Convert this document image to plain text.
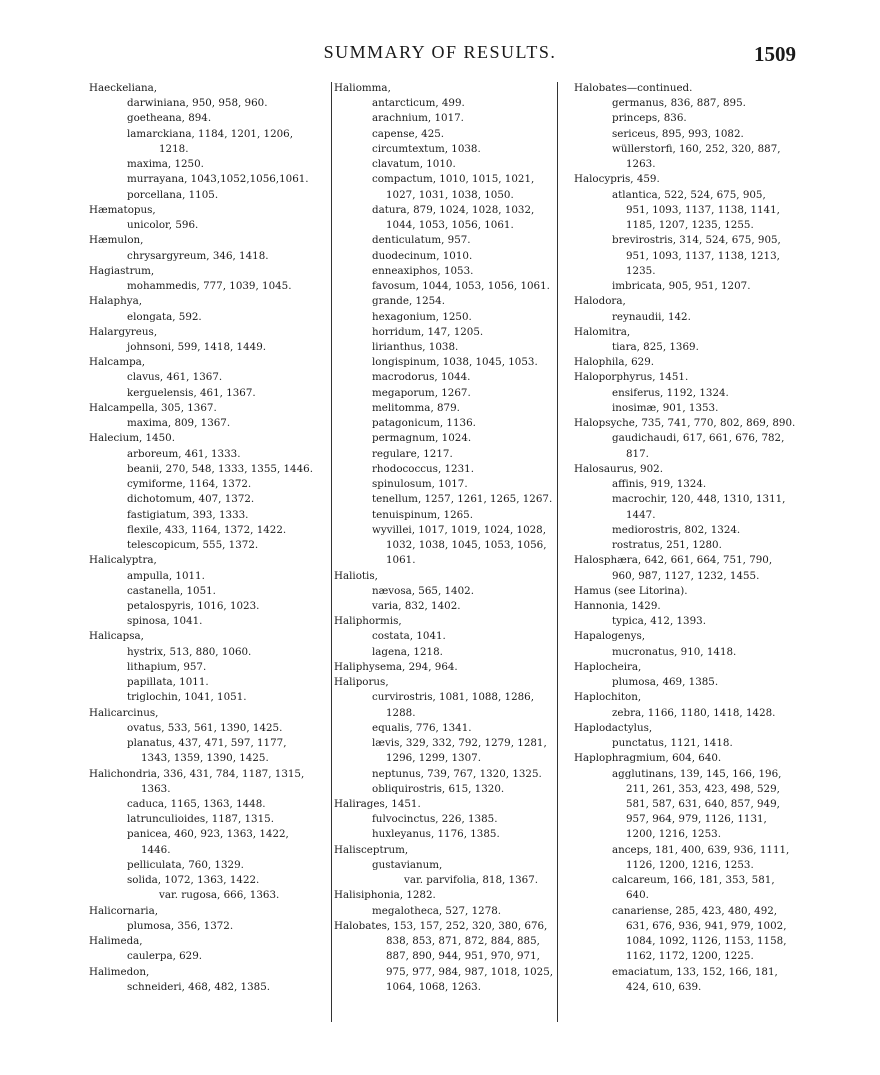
SUMMARY OF RESULTS.	1509
Haeckeliana,
darwiniana, 950, 958, 960.
goetheana, 894.
lamarckiana, 1184, 1201, 1206,
1218.
maxima, 1250.
murrayana, 1043,1052,1056,1061.
porcellana, 1105.
Hæmatopus,
unicolor, 596.
Hæmulon,
chrysargyreum, 346, 1418.
Hagiastrum,
mohammedis, 777, 1039, 1045.
Halaphya,
elongata, 592.
Halargyreus,
johnsoni, 599, 1418, 1449.
Halcampa,
clavus, 461, 1367.
kerguelensis, 461, 1367.
Halcampella, 305, 1367.
maxima, 809, 1367.
Halecium, 1450.
arboreum, 461, 1333.
beanii, 270, 548, 1333, 1355, 1446.
cymiforme, 1164, 1372.
dichotomum, 407, 1372.
fastigiatum, 393, 1333.
flexile, 433, 1164, 1372, 1422.
telescopicum, 555, 1372.
Halicalyptra,
ampulla, 1011.
castanella, 1051.
petalospyris, 1016, 1023.
spinosa, 1041.
Halicapsa,
hystrix, 513, 880, 1060.
lithapium, 957.
papillata, 1011.
triglochin, 1041, 1051.
Halicarcinus,
ovatus, 533, 561, 1390, 1425.
planatus, 437, 471, 597, 1177,
1343, 1359, 1390, 1425.
Halichondria, 336, 431, 784, 1187, 1315,
1363.
caduca, 1165, 1363, 1448.
latrunculioides, 1187, 1315.
panicea, 460, 923, 1363, 1422,
1446.
pelliculata, 760, 1329.
solida, 1072, 1363, 1422.
var. rugosa, 666, 1363.
Halicornaria,
plumosa, 356, 1372.
Halimeda,
caulerpa, 629.
Halimedon,
schneideri, 468, 482, 1385.
Haliomma,
antarcticum, 499.
arachnium, 1017.
capense, 425.
circumtextum, 1038.
clavatum, 1010.
compactum, 1010, 1015, 1021,
1027, 1031, 1038, 1050.
datura, 879, 1024, 1028, 1032,
1044, 1053, 1056, 1061.
denticulatum, 957.
duodecinum, 1010.
enneaxiphos, 1053.
favosum, 1044, 1053, 1056, 1061.
grande, 1254.
hexagonium, 1250.
horridum, 147, 1205.
lirianthus, 1038.
longispinum, 1038, 1045, 1053.
macrodorus, 1044.
megaporum, 1267.
melitomma, 879.
patagonicum, 1136.
permagnum, 1024.
regulare, 1217.
rhodococcus, 1231.
spinulosum, 1017.
tenellum, 1257, 1261, 1265, 1267.
tenuispinum, 1265.
wyvillei, 1017, 1019, 1024, 1028,
1032, 1038, 1045, 1053, 1056,
1061.
Haliotis,
nævosa, 565, 1402.
varia, 832, 1402.
Haliphormis,
costata, 1041.
lagena, 1218.
Haliphysema, 294, 964.
Haliporus,
curvirostris, 1081, 1088, 1286,
1288.
equalis, 776, 1341.
lævis, 329, 332, 792, 1279, 1281,
1296, 1299, 1307.
neptunus, 739, 767, 1320, 1325.
obliquirostris, 615, 1320.
Halirages, 1451.
fulvocinctus, 226, 1385.
huxleyanus, 1176, 1385.
Halisceptrum,
gustavianum,
var. parvifolia, 818, 1367.
Halisiphonia, 1282.
megalotheca, 527, 1278.
Halobates, 153, 157, 252, 320, 380, 676,
838, 853, 871, 872, 884, 885,
887, 890, 944, 951, 970, 971,
975, 977, 984, 987, 1018, 1025,
1064, 1068, 1263.
Halobates—continued.
germanus, 836, 887, 895.
princeps, 836.
sericeus, 895, 993, 1082.
wüllerstorfi, 160, 252, 320, 887,
1263.
Halocypris, 459.
atlantica, 522, 524, 675, 905,
951, 1093, 1137, 1138, 1141,
1185, 1207, 1235, 1255.
brevirostris, 314, 524, 675, 905,
951, 1093, 1137, 1138, 1213,
1235.
imbricata, 905, 951, 1207.
Halodora,
reynaudii, 142.
Halomitra,
tiara, 825, 1369.
Halophila, 629.
Haloporphyrus, 1451.
ensiferus, 1192, 1324.
inosimæ, 901, 1353.
Halopsyche, 735, 741, 770, 802, 869, 890.
gaudichaudi, 617, 661, 676, 782,
817.
Halosaurus, 902.
affinis, 919, 1324.
macrochir, 120, 448, 1310, 1311,
1447.
mediorostris, 802, 1324.
rostratus, 251, 1280.
Halosphæra, 642, 661, 664, 751, 790,
960, 987, 1127, 1232, 1455.
Hamus (see Litorina).
Hannonia, 1429.
typica, 412, 1393.
Hapalogenys,
mucronatus, 910, 1418.
Haplocheira,
plumosa, 469, 1385.
Haplochiton,
zebra, 1166, 1180, 1418, 1428.
Haplodactylus,
punctatus, 1121, 1418.
Haplophragmium, 604, 640.
agglutinans, 139, 145, 166, 196,
211, 261, 353, 423, 498, 529,
581, 587, 631, 640, 857, 949,
957, 964, 979, 1126, 1131,
1200, 1216, 1253.
anceps, 181, 400, 639, 936, 1111,
1126, 1200, 1216, 1253.
calcareum, 166, 181, 353, 581,
640.
canariense, 285, 423, 480, 492,
631, 676, 936, 941, 979, 1002,
1084, 1092, 1126, 1153, 1158,
1162, 1172, 1200, 1225.
emaciatum, 133, 152, 166, 181,
424, 610, 639.
